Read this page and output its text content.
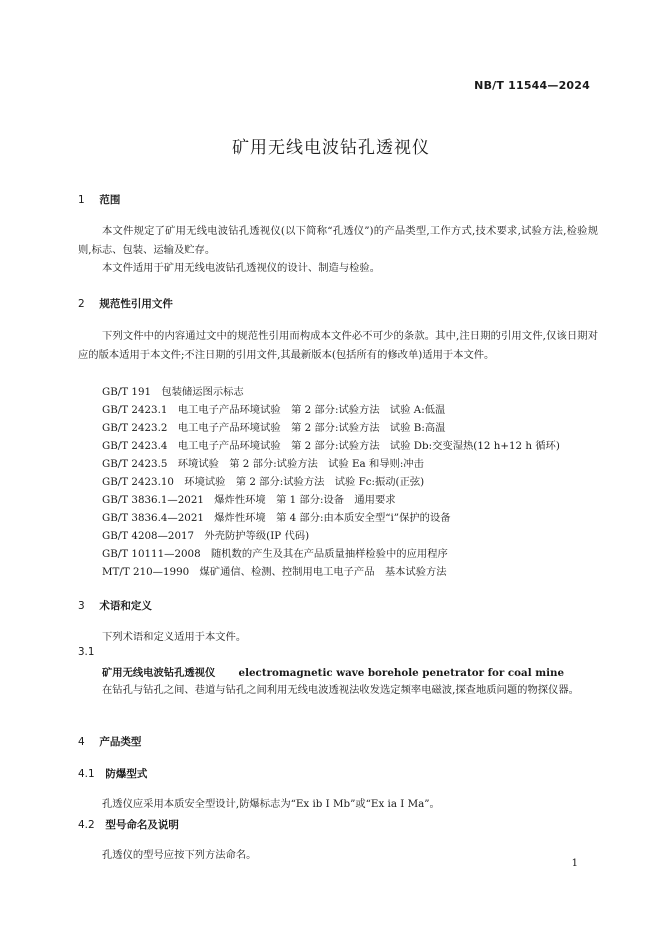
NB/T 11544—2024
矿用无线电波钻孔透视仪
1 范围
本文件规定了矿用无线电波钻孔透视仪(以下简称“孔透仪”)的产品类型,工作方式,技术要求,试验方法,检验规则,标志、包装、运输及贮存。
本文件适用于矿用无线电波钻孔透视仪的设计、制造与检验。
2 规范性引用文件
下列文件中的内容通过文中的规范性引用而构成本文件必不可少的条款。其中,注日期的引用文件,仅该日期对应的版本适用于本文件;不注日期的引用文件,其最新版本(包括所有的修改单)适用于本文件。
GB/T 191　包装储运图示标志
GB/T 2423.1　电工电子产品环境试验　第 2 部分:试验方法　试验 A:低温
GB/T 2423.2　电工电子产品环境试验　第 2 部分:试验方法　试验 B:高温
GB/T 2423.4　电工电子产品环境试验　第 2 部分:试验方法　试验 Db:交变湿热(12 h+12 h 循环)
GB/T 2423.5　环境试验　第 2 部分:试验方法　试验 Ea 和导则:冲击
GB/T 2423.10　环境试验　第 2 部分:试验方法　试验 Fc:振动(正弦)
GB/T 3836.1—2021　爆炸性环境　第 1 部分:设备　通用要求
GB/T 3836.4—2021　爆炸性环境　第 4 部分:由本质安全型“i”保护的设备
GB/T 4208—2017　外壳防护等级(IP 代码)
GB/T 10111—2008　随机数的产生及其在产品质量抽样检验中的应用程序
MT/T 210—1990　煤矿通信、检测、控制用电工电子产品　基本试验方法
3 术语和定义
下列术语和定义适用于本文件。
3.1
矿用无线电波钻孔透视仪 electromagnetic wave borehole penetrator for coal mine
在钻孔与钻孔之间、巷道与钻孔之间利用无线电波透视法收发选定频率电磁波,探查地质问题的物探仪器。
4 产品类型
4.1 防爆型式
孔透仪应采用本质安全型设计,防爆标志为“Ex ib I Mb”或“Ex ia I Ma”。
4.2 型号命名及说明
孔透仪的型号应按下列方法命名。
1
